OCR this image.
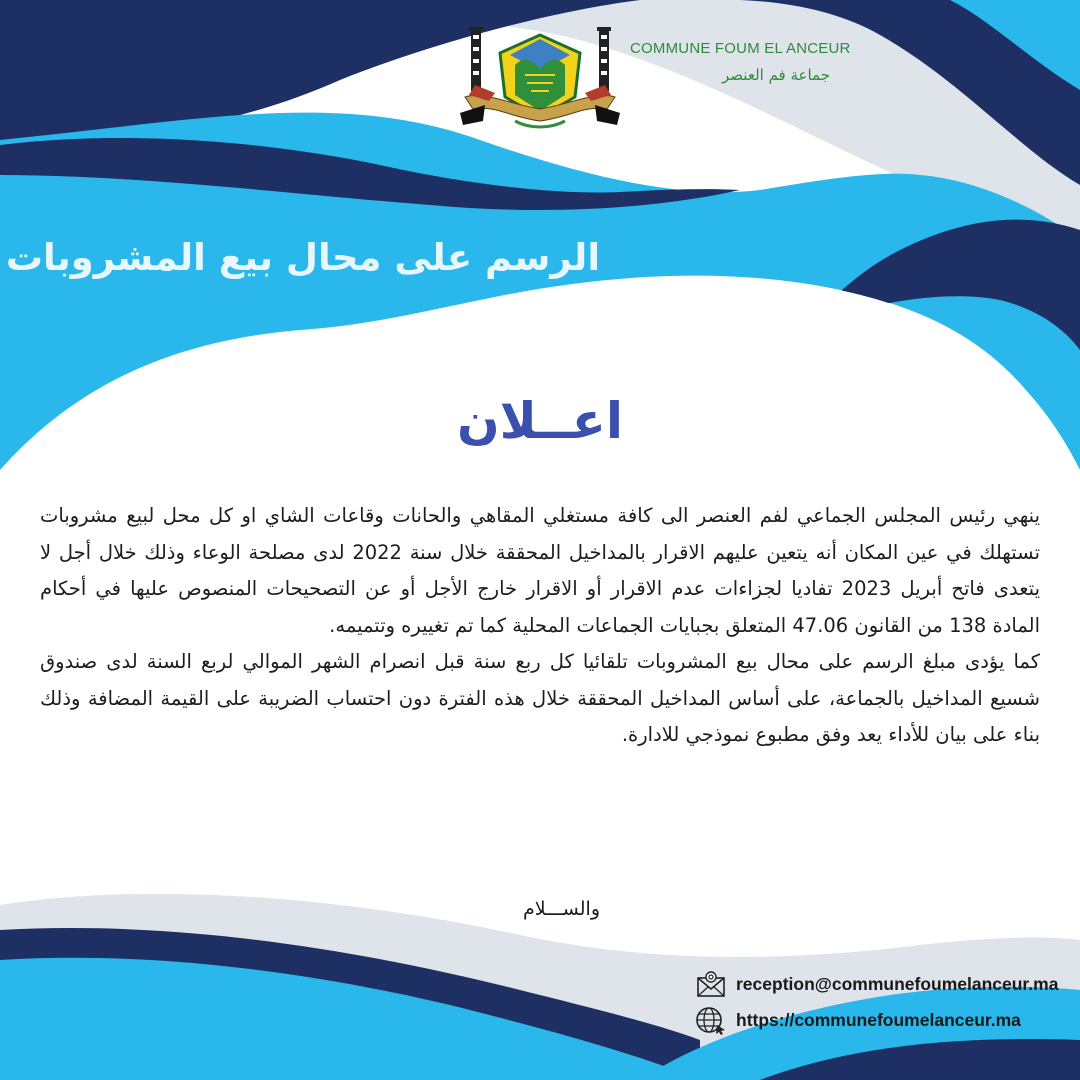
COMMUNE FOUM EL ANCEUR
جماعة فم العنصر
الرسم على محال بيع المشروبات
اعــلان

ينهي رئيس المجلس الجماعي لفم العنصر الى كافة مستغلي المقاهي والحانات وقاعات الشاي او كل محل لبيع مشروبات تستهلك في عين المكان أنه يتعين عليهم الاقرار بالمداخيل المحققة خلال سنة 2022 لدى مصلحة الوعاء وذلك خلال أجل لا يتعدى فاتح أبريل 2023 تفاديا لجزاءات عدم الاقرار أو الاقرار خارج الأجل أو عن التصحيحات المنصوص عليها في أحكام المادة 138 من القانون 47.06 المتعلق بجبايات الجماعات المحلية كما تم تغييره وتتميمه.

كما يؤدى مبلغ الرسم على محال بيع المشروبات تلقائيا كل ربع سنة قبل انصرام الشهر الموالي لربع السنة لدى صندوق شسيع المداخيل بالجماعة، على أساس المداخيل المحققة خلال هذه الفترة دون احتساب الضريبة على القيمة المضافة وذلك بناء على بيان للأداء يعد وفق مطبوع نموذجي للادارة.

والســـلام
reception@communefoumelanceur.ma
https://communefoumelanceur.ma
